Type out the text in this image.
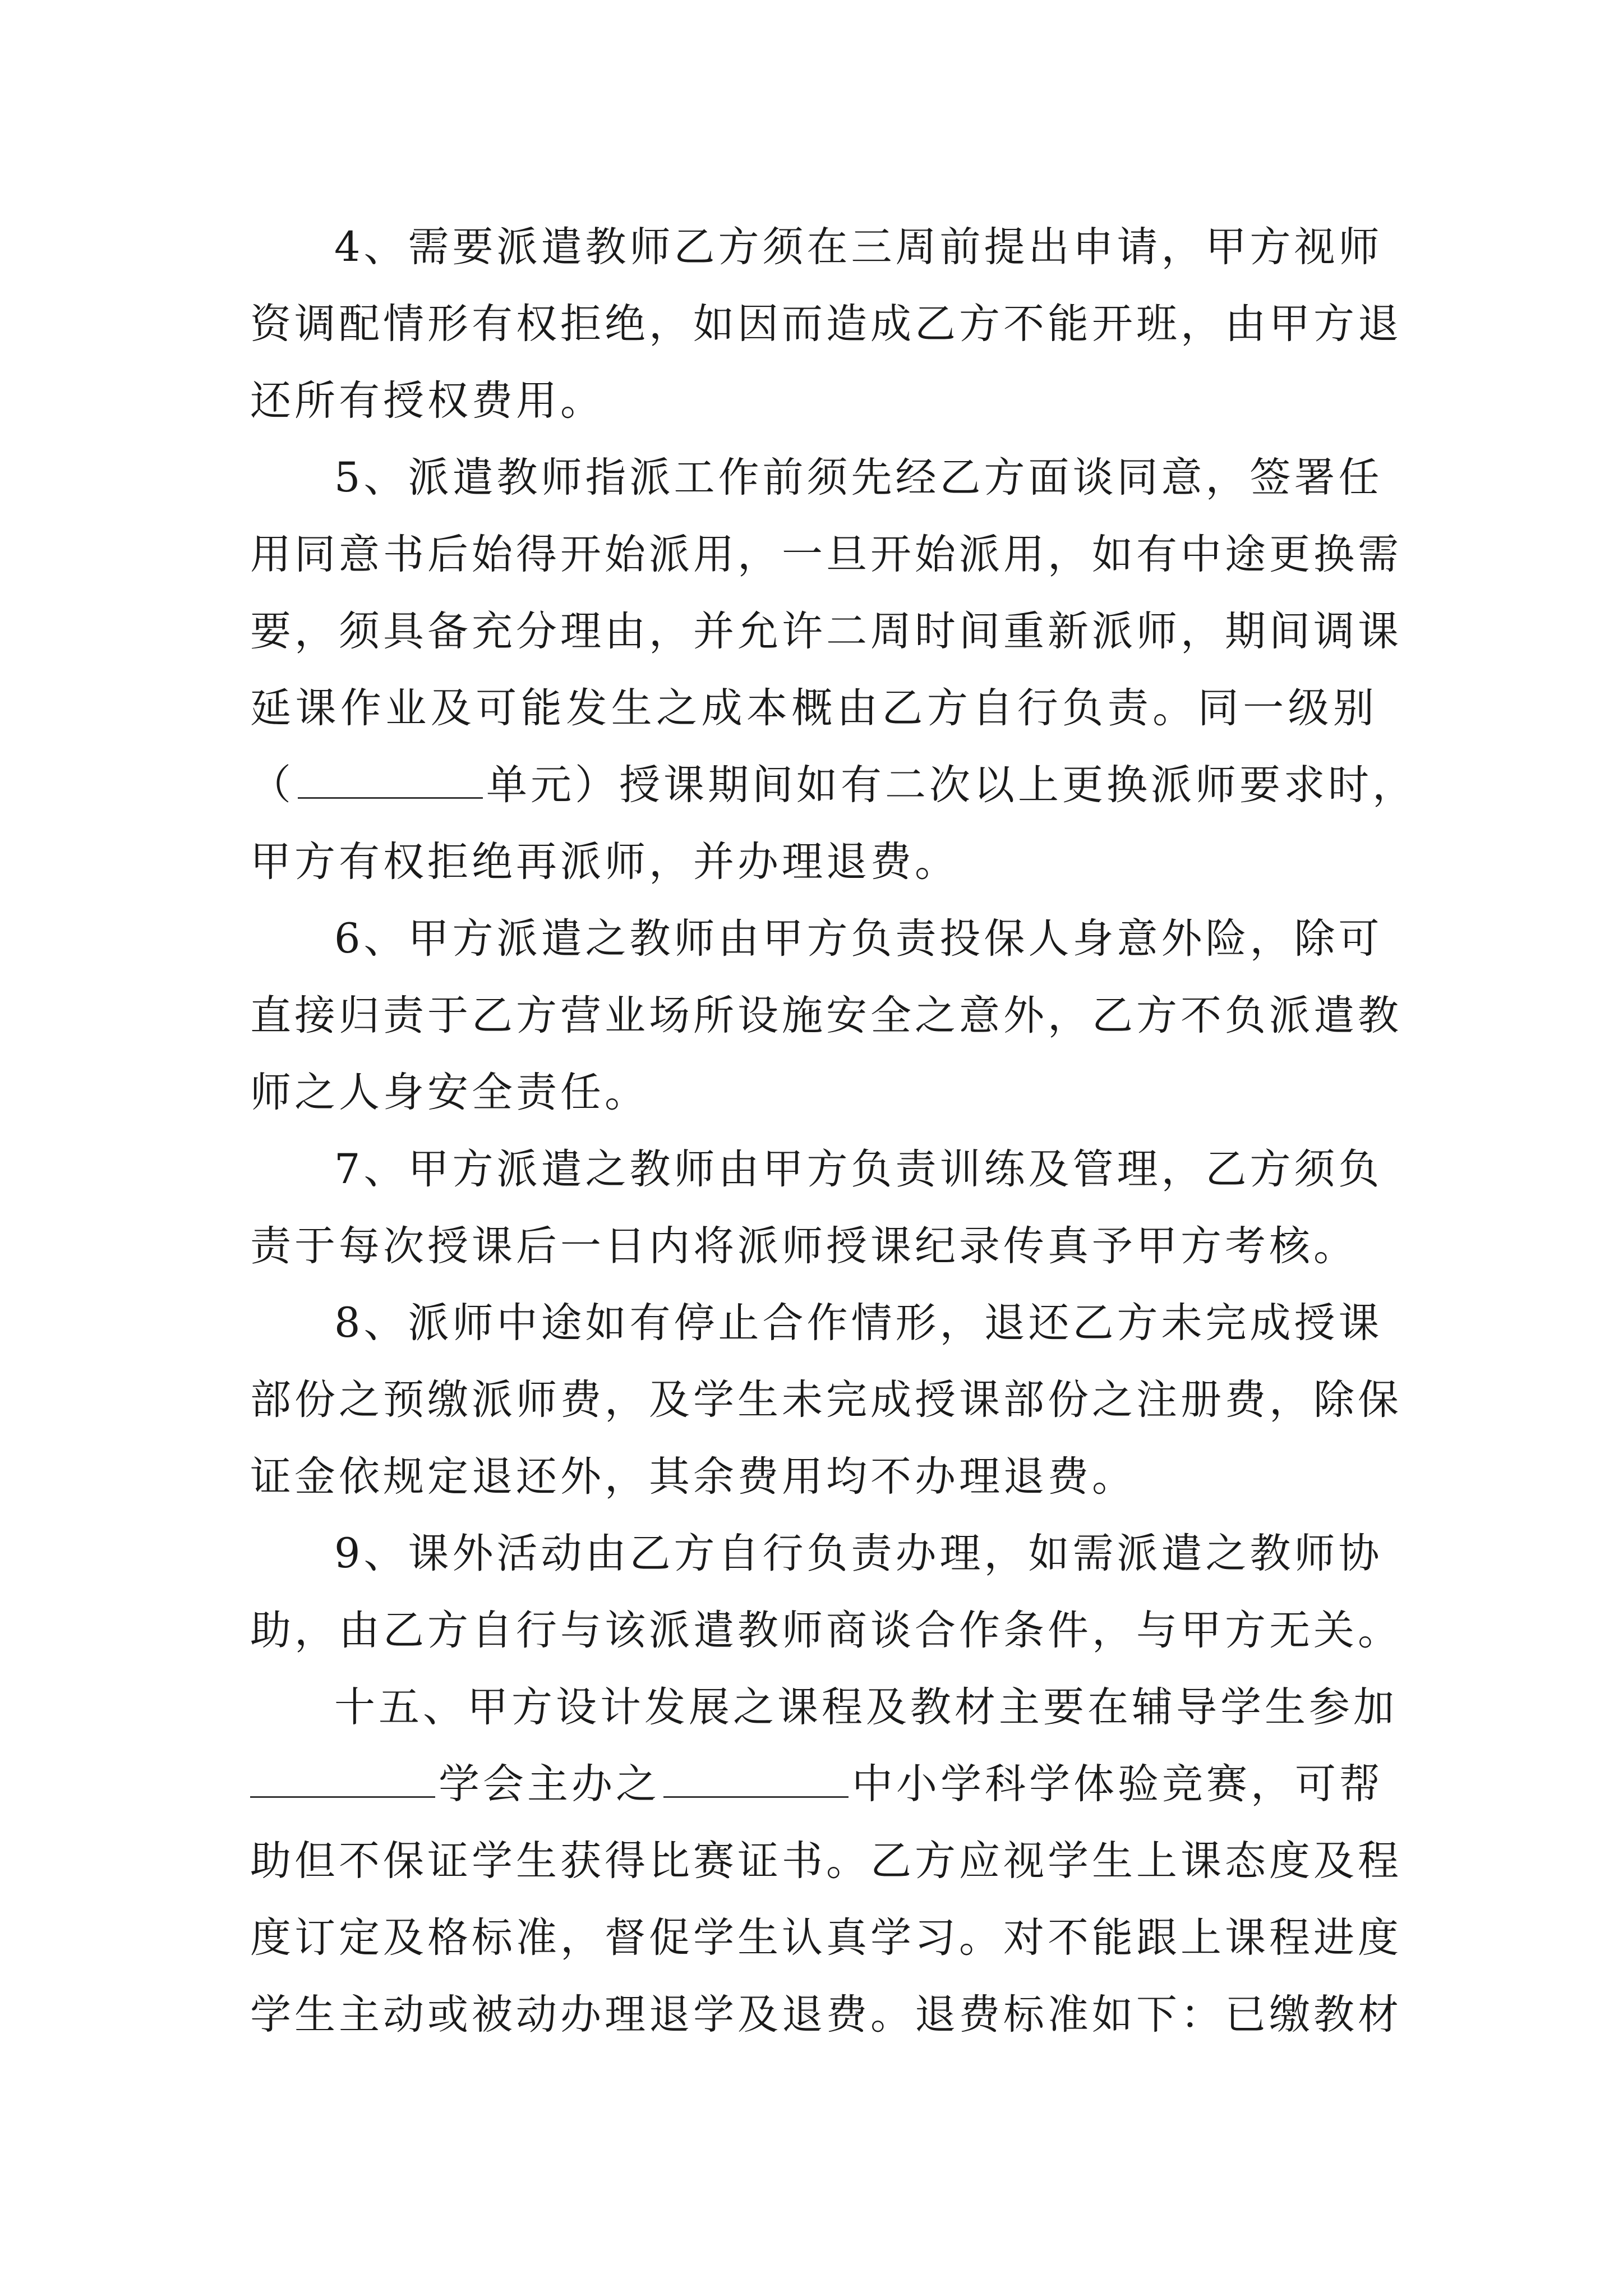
4、需要派遣教师乙方须在三周前提出申请，甲方视师
资调配情形有权拒绝，如因而造成乙方不能开班，由甲方退
还所有授权费用。
5、派遣教师指派工作前须先经乙方面谈同意，签署任
用同意书后始得开始派用，一旦开始派用，如有中途更换需
要，须具备充分理由，并允许二周时间重新派师，期间调课
延课作业及可能发生之成本概由乙方自行负责。同一级别
（	单元）授课期间如有二次以上更换派师要求时，
甲方有权拒绝再派师，并办理退费。
6、甲方派遣之教师由甲方负责投保人身意外险，除可
直接归责于乙方营业场所设施安全之意外，乙方不负派遣教
师之人身安全责任。
7、甲方派遣之教师由甲方负责训练及管理，乙方须负
责于每次授课后一日内将派师授课纪录传真予甲方考核。
8、派师中途如有停止合作情形，退还乙方未完成授课
部份之预缴派师费，及学生未完成授课部份之注册费，除保
证金依规定退还外，其余费用均不办理退费。
9、课外活动由乙方自行负责办理，如需派遣之教师协
助，由乙方自行与该派遣教师商谈合作条件，与甲方无关。
十五、甲方设计发展之课程及教材主要在辅导学生参加
学会主办之	中小学科学体验竞赛，可帮
助但不保证学生获得比赛证书。乙方应视学生上课态度及程
度订定及格标准，督促学生认真学习。对不能跟上课程进度
学生主动或被动办理退学及退费。退费标准如下：已缴教材
